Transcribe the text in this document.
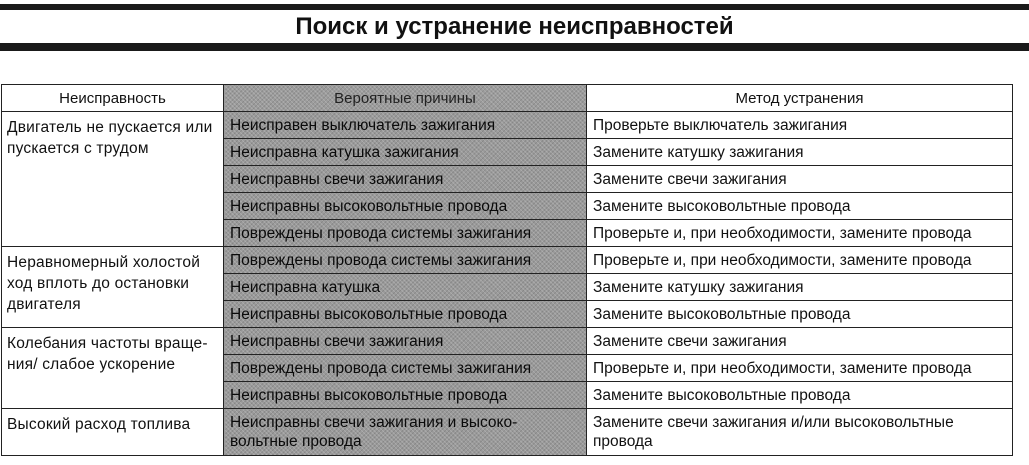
Поиск и устранение неисправностей
Неисправность	Вероятные причины	Метод устранения
Двигатель не пускается или пускается с трудом	Неисправен выключатель зажигания	Проверьте выключатель зажигания
	Неисправна катушка зажигания	Замените катушку зажигания
	Неисправны свечи зажигания	Замените свечи зажигания
	Неисправны высоковольтные провода	Замените высоковольтные провода
	Повреждены провода системы зажигания	Проверьте и, при необходимости, замените провода
Неравномерный холостой ход вплоть до остановки двигателя	Повреждены провода системы зажигания	Проверьте и, при необходимости, замените провода
	Неисправна катушка	Замените катушку зажигания
	Неисправны высоковольтные провода	Замените высоковольтные провода
Колебания частоты враще-ния/ слабое ускорение	Неисправны свечи зажигания	Замените свечи зажигания
	Повреждены провода системы зажигания	Проверьте и, при необходимости, замените провода
	Неисправны высоковольтные провода	Замените высоковольтные провода
Высокий расход топлива	Неисправны свечи зажигания и высоко-вольтные провода	Замените свечи зажигания и/или высоковольтные провода
